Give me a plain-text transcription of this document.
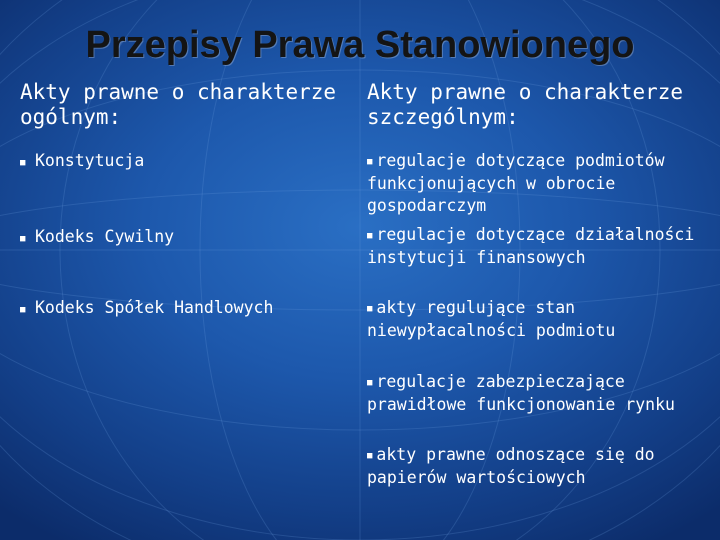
Przepisy Prawa Stanowionego
Akty prawne o charakterze ogólnym:
Akty prawne o charakterze szczególnym:
■ Konstytucja
■ Kodeks Cywilny
■ Kodeks Spółek Handlowych
■ regulacje dotyczące podmiotów funkcjonujących w obrocie gospodarczym
■ regulacje dotyczące działalności instytucji finansowych
■ akty regulujące stan niewypłacalności podmiotu
■ regulacje zabezpieczające prawidłowe funkcjonowanie rynku
■ akty prawne odnoszące się do papierów wartościowych
